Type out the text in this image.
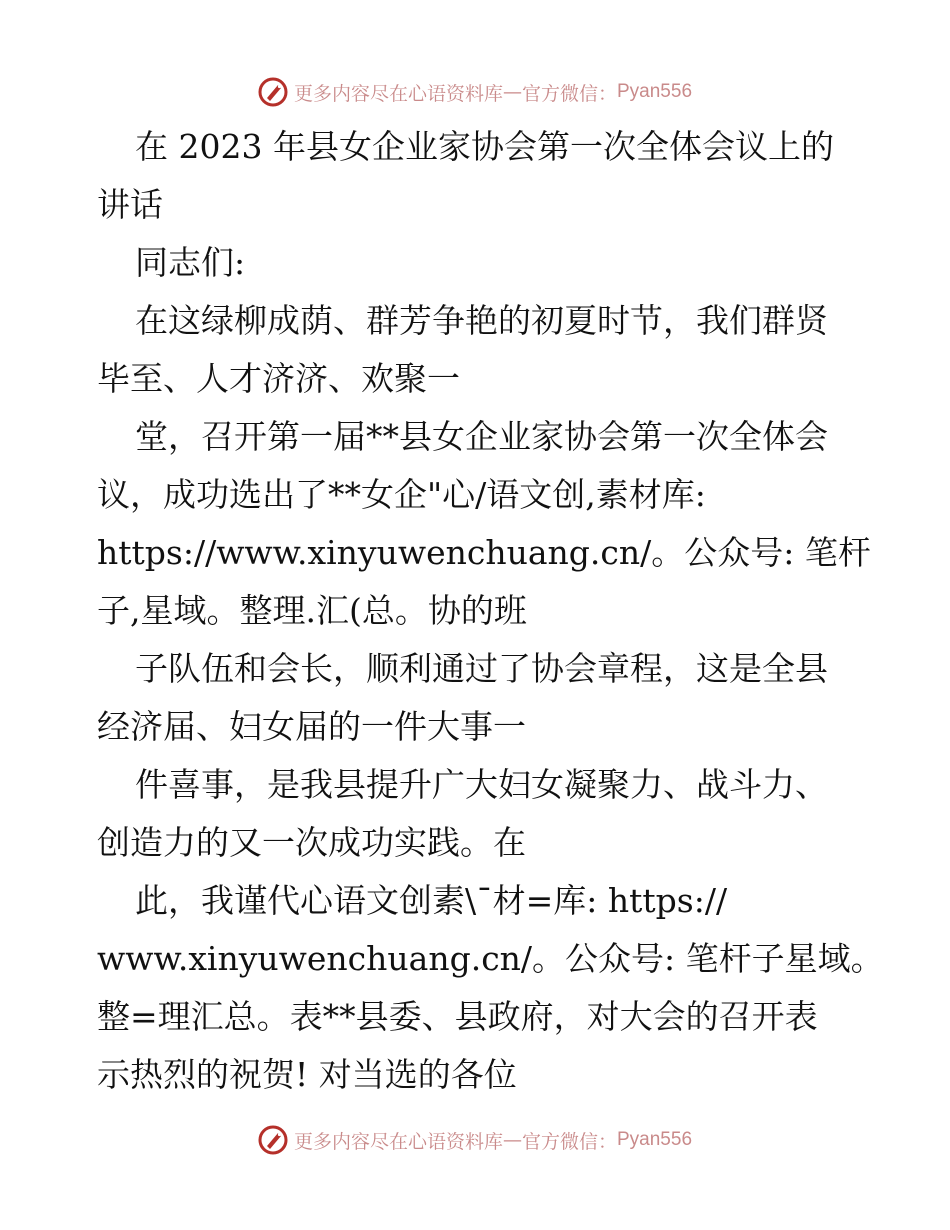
更多内容尽在心语资料库 — 官方微信： Pyan556
在 2023 年县女企业家协会第一次全体会议上的
讲话
同志们:
在这绿柳成荫、群芳争艳的初夏时节，我们群贤
毕至、人才济济、欢聚一
堂，召开第一届**县女企业家协会第一次全体会
议，成功选出了**女企"心/语文创,素材库:
https://www.xinyuwenchuang.cn/。公众号: 笔杆
子,星域。整理.汇(总。协的班
子队伍和会长，顺利通过了协会章程，这是全县
经济届、妇女届的一件大事一
件喜事，是我县提升广大妇女凝聚力、战斗力、
创造力的又一次成功实践。在
此，我谨代心语文创素\¯材=库: https://
www.xinyuwenchuang.cn/。公众号: 笔杆子星域。
整=理汇总。表**县委、县政府，对大会的召开表
示热烈的祝贺! 对当选的各位
更多内容尽在心语资料库 — 官方微信： Pyan556
